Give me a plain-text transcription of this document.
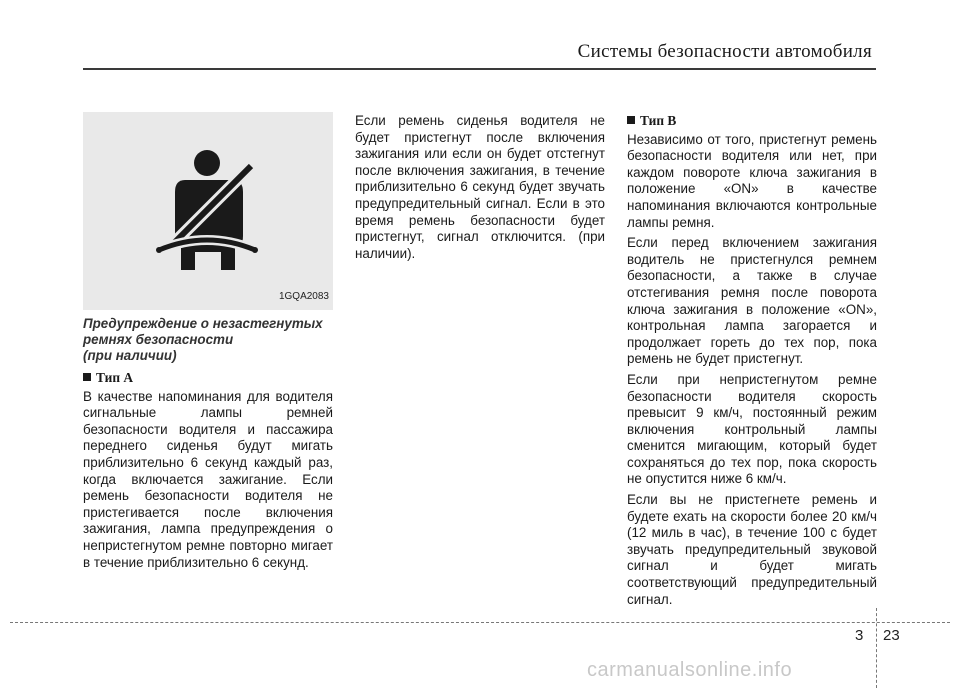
Системы безопасности автомобиля
1GQA2083
Предупреждение о незастегнутых
ремнях безопасности
(при наличии)
Тип A

В качестве напоминания для водителя сигнальные лампы ремней безопасности водителя и пассажира переднего сиденья будут мигать приблизительно 6 секунд каждый раз, когда включается зажигание. Если ремень безопасности водителя не пристегивается после включения зажигания, лампа предупреждения о непристегнутом ремне повторно мигает в течение приблизительно 6 секунд.

Если ремень сиденья водителя не будет пристегнут после включения зажигания или если он будет отстегнут после включения зажигания, в течение приблизительно 6 секунд будет звучать предупредительный сигнал. Если в это время ремень безопасности будет пристегнут, сигнал отключится. (при наличии).

Тип B

Независимо от того, пристегнут ремень безопасности водителя или нет, при каждом повороте ключа зажигания в положение «ON» в качестве напоминания включаются контрольные лампы ремня.

Если перед включением зажигания водитель не пристегнулся ремнем безопасности, а также в случае отстегивания ремня после поворота ключа зажигания в положение «ON», контрольная лампа загорается и продолжает гореть до тех пор, пока ремень не будет пристегнут.

Если при непристегнутом ремне безопасности водителя скорость превысит 9 км/ч, постоянный режим включения контрольный лампы сменится мигающим, который будет сохраняться до тех пор, пока скорость не опустится ниже 6 км/ч.

Если вы не пристегнете ремень и будете ехать на скорости более 20 км/ч (12 миль в час), в течение 100 с будет звучать предупредительный звуковой сигнал и будет мигать соответствующий предупредительный сигнал.

3 23
carmanualsonline.info
